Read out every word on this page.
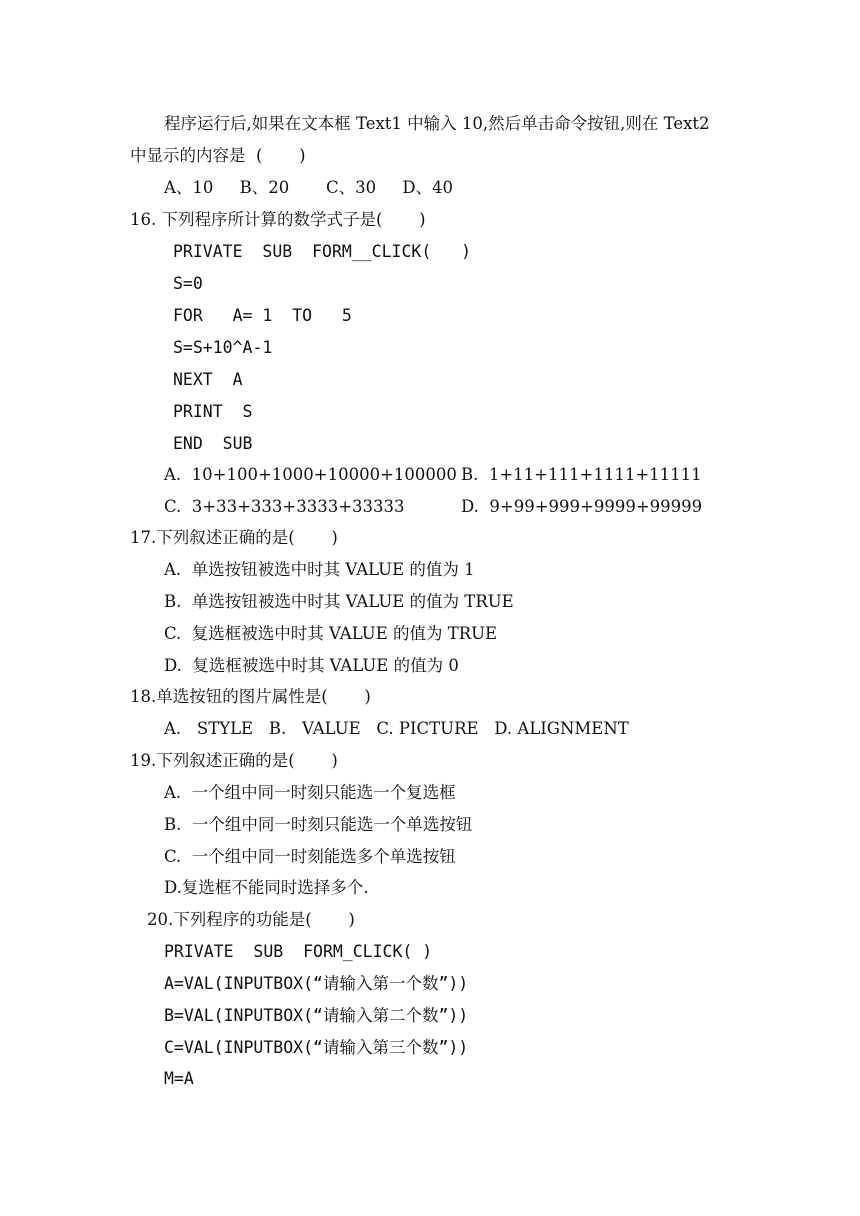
程序运行后,如果在文本框 Text1 中输入 10,然后单击命令按钮,则在 Text2
中显示的内容是  (       )
A、10     B、20       C、30     D、40
16. 下列程序所计算的数学式子是(       )
PRIVATE  SUB  FORM__CLICK(   )
S=0
FOR   A= 1  TO   5
S=S+10^A-1
NEXT  A
PRINT  S
END  SUB
A.  10+100+1000+10000+100000 B.  1+11+111+1111+11111
C.  3+33+333+3333+33333	D.  9+99+999+9999+99999
17.下列叙述正确的是(       )
A.  单选按钮被选中时其 VALUE 的值为 1
B.  单选按钮被选中时其 VALUE 的值为 TRUE
C.  复选框被选中时其 VALUE 的值为 TRUE
D.  复选框被选中时其 VALUE 的值为 0
18.单选按钮的图片属性是(       )
A.   STYLE   B.   VALUE   C. PICTURE   D. ALIGNMENT
19.下列叙述正确的是(       )
A.  一个组中同一时刻只能选一个复选框
B.  一个组中同一时刻只能选一个单选按钮
C.  一个组中同一时刻能选多个单选按钮
D.复选框不能同时选择多个.
20.下列程序的功能是(       )
PRIVATE  SUB  FORM_CLICK( )
A=VAL(INPUTBOX(“请输入第一个数”))
B=VAL(INPUTBOX(“请输入第二个数”))
C=VAL(INPUTBOX(“请输入第三个数”))
M=A
